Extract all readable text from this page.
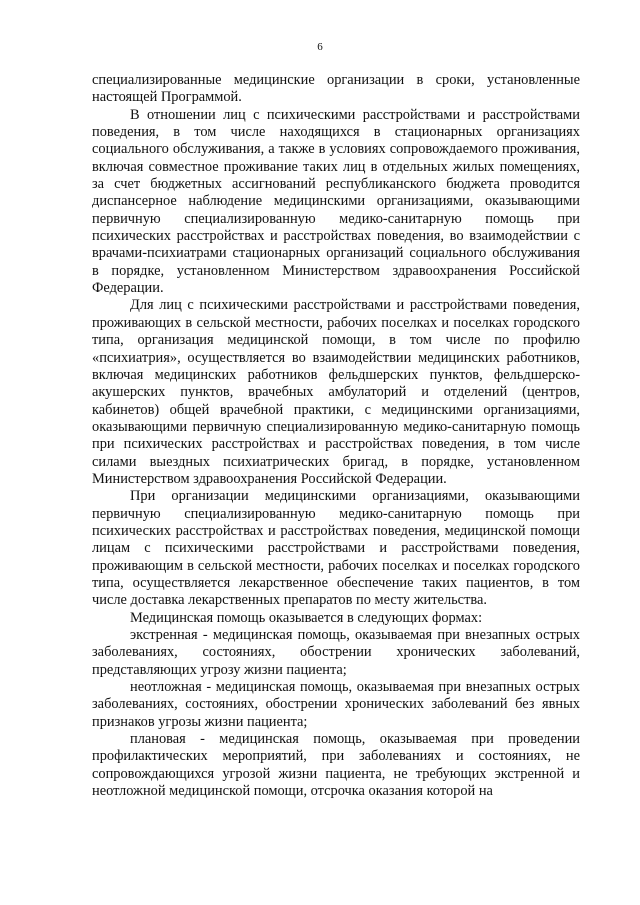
6

специализированные медицинские организации в сроки, установленные настоящей Программой.

В отношении лиц с психическими расстройствами и расстройствами поведения, в том числе находящихся в стационарных организациях социального обслуживания, а также в условиях сопровождаемого проживания, включая совместное проживание таких лиц в отдельных жилых помещениях, за счет бюджетных ассигнований республиканского бюджета проводится диспансерное наблюдение медицинскими организациями, оказывающими первичную специализированную медико-санитарную помощь при психических расстройствах и расстройствах поведения, во взаимодействии с врачами-психиатрами стационарных организаций социального обслуживания в порядке, установленном Министерством здравоохранения Российской Федерации.

Для лиц с психическими расстройствами и расстройствами поведения, проживающих в сельской местности, рабочих поселках и поселках городского типа, организация медицинской помощи, в том числе по профилю «психиатрия», осуществляется во взаимодействии медицинских работников, включая медицинских работников фельдшерских пунктов, фельдшерско-акушерских пунктов, врачебных амбулаторий и отделений (центров, кабинетов) общей врачебной практики, с медицинскими организациями, оказывающими первичную специализированную медико-санитарную помощь при психических расстройствах и расстройствах поведения, в том числе силами выездных психиатрических бригад, в порядке, установленном Министерством здравоохранения Российской Федерации.

При организации медицинскими организациями, оказывающими первичную специализированную медико-санитарную помощь при психических расстройствах и расстройствах поведения, медицинской помощи лицам с психическими расстройствами и расстройствами поведения, проживающим в сельской местности, рабочих поселках и поселках городского типа, осуществляется лекарственное обеспечение таких пациентов, в том числе доставка лекарственных препаратов по месту жительства.

Медицинская помощь оказывается в следующих формах:

экстренная - медицинская помощь, оказываемая при внезапных острых заболеваниях, состояниях, обострении хронических заболеваний, представляющих угрозу жизни пациента;

неотложная - медицинская помощь, оказываемая при внезапных острых заболеваниях, состояниях, обострении хронических заболеваний без явных признаков угрозы жизни пациента;

плановая - медицинская помощь, оказываемая при проведении профилактических мероприятий, при заболеваниях и состояниях, не сопровождающихся угрозой жизни пациента, не требующих экстренной и неотложной медицинской помощи, отсрочка оказания которой на
